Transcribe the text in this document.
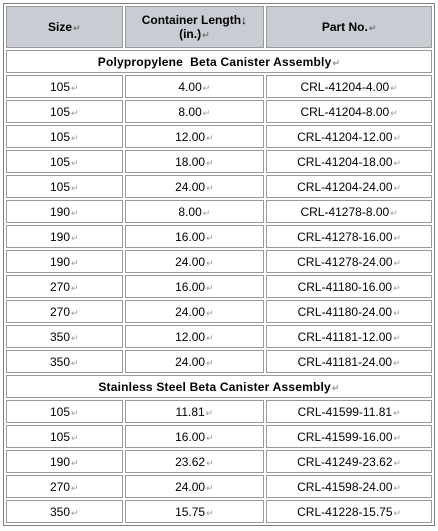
Size↵	Container Length↓
(in.)↵	Part No.↵
Polypropylene  Beta Canister Assembly↵		
105↵	4.00↵	CRL-41204-4.00↵
105↵	8.00↵	CRL-41204-8.00↵
105↵	12.00↵	CRL-41204-12.00↵
105↵	18.00↵	CRL-41204-18.00↵
105↵	24.00↵	CRL-41204-24.00↵
190↵	8.00↵	CRL-41278-8.00↵
190↵	16.00↵	CRL-41278-16.00↵
190↵	24.00↵	CRL-41278-24.00↵
270↵	16.00↵	CRL-41180-16.00↵
270↵	24.00↵	CRL-41180-24.00↵
350↵	12.00↵	CRL-41181-12.00↵
350↵	24.00↵	CRL-41181-24.00↵
Stainless Steel Beta Canister Assembly↵		
105↵	11.81↵	CRL-41599-11.81↵
105↵	16.00↵	CRL-41599-16.00↵
190↵	23.62↵	CRL-41249-23.62↵
270↵	24.00↵	CRL-41598-24.00↵
350↵	15.75↵	CRL-41228-15.75↵
